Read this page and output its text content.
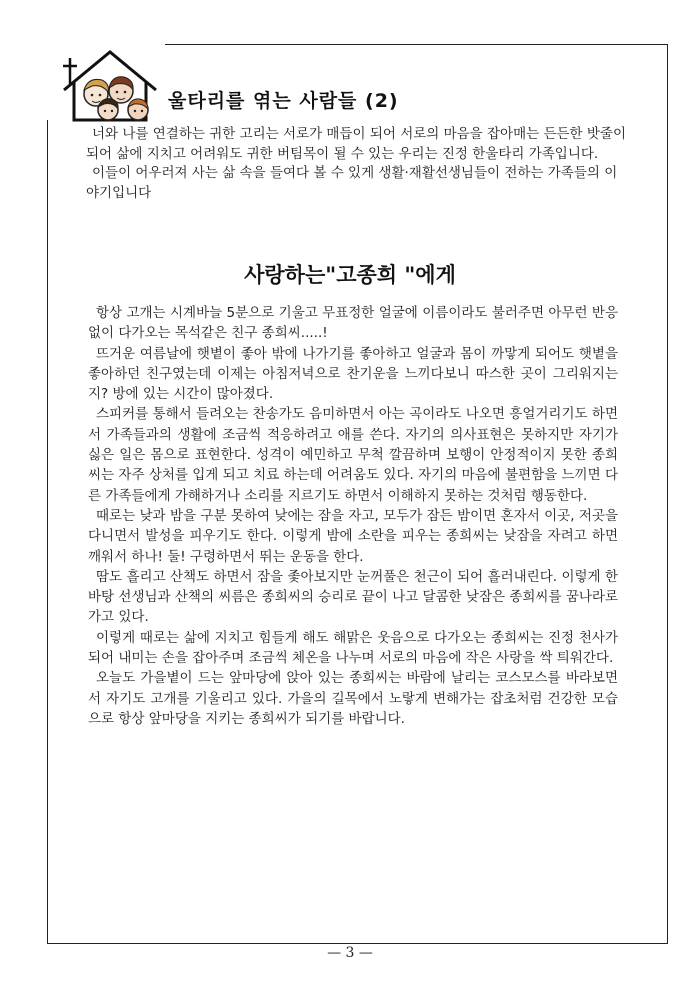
울타리를 엮는 사람들 (2)

너와 나를 연결하는 귀한 고리는 서로가 매듭이 되어 서로의 마음을 잡아매는 든든한 밧줄이 되어 삶에 지치고 어려워도 귀한 버팀목이 될 수 있는 우리는 진정 한울타리 가족입니다.

이들이 어우러져 사는 삶 속을 들여다 볼 수 있게 생활·재활선생님들이 전하는 가족들의 이야기입니다

사랑하는"고종희 "에게

항상 고개는 시계바늘 5분으로 기울고 무표정한 얼굴에 이름이라도 불러주면 아무런 반응 없이 다가오는 목석같은 친구 종희씨.....!

뜨거운 여름날에 햇볕이 좋아 밖에 나가기를 좋아하고 얼굴과 몸이 까맣게 되어도 햇볕을 좋아하던 친구였는데 이제는 아침저녁으로 찬기운을 느끼다보니 따스한 곳이 그리워지는지? 방에 있는 시간이 많아졌다.

스피커를 통해서 들려오는 찬송가도 음미하면서 아는 곡이라도 나오면 흥얼거리기도 하면서 가족들과의 생활에 조금씩 적응하려고 애를 쓴다. 자기의 의사표현은 못하지만 자기가 싫은 일은 몸으로 표현한다. 성격이 예민하고 무척 깔끔하며 보행이 안정적이지 못한 종희씨는 자주 상처를 입게 되고 치료 하는데 어려움도 있다. 자기의 마음에 불편함을 느끼면 다른 가족들에게 가해하거나 소리를 지르기도 하면서 이해하지 못하는 것처럼 행동한다.

때로는 낮과 밤을 구분 못하여 낮에는 잠을 자고, 모두가 잠든 밤이면 혼자서 이곳, 저곳을 다니면서 발성을 피우기도 한다. 이렇게 밤에 소란을 피우는 종희씨는 낮잠을 자려고 하면 깨워서 하나! 둘! 구령하면서 뛰는 운동을 한다.

땀도 흘리고 산책도 하면서 잠을 좇아보지만 눈꺼풀은 천근이 되어 흘러내린다. 이렇게 한바탕 선생님과 산책의 씨름은 종희씨의 승리로 끝이 나고 달콤한 낮잠은 종희씨를 꿈나라로 가고 있다.

이렇게 때로는 삶에 지치고 힘들게 해도 해맑은 웃음으로 다가오는 종희씨는 진정 천사가 되어 내미는 손을 잡아주며 조금씩 체온을 나누며 서로의 마음에 작은 사랑을 싹 틔워간다.

오늘도 가을볕이 드는 앞마당에 앉아 있는 종희씨는 바람에 날리는 코스모스를 바라보면서 자기도 고개를 기울리고 있다. 가을의 길목에서 노랗게 변해가는 잡초처럼 건강한 모습으로 항상 앞마당을 지키는 종희씨가 되기를 바랍니다.

— 3 —
